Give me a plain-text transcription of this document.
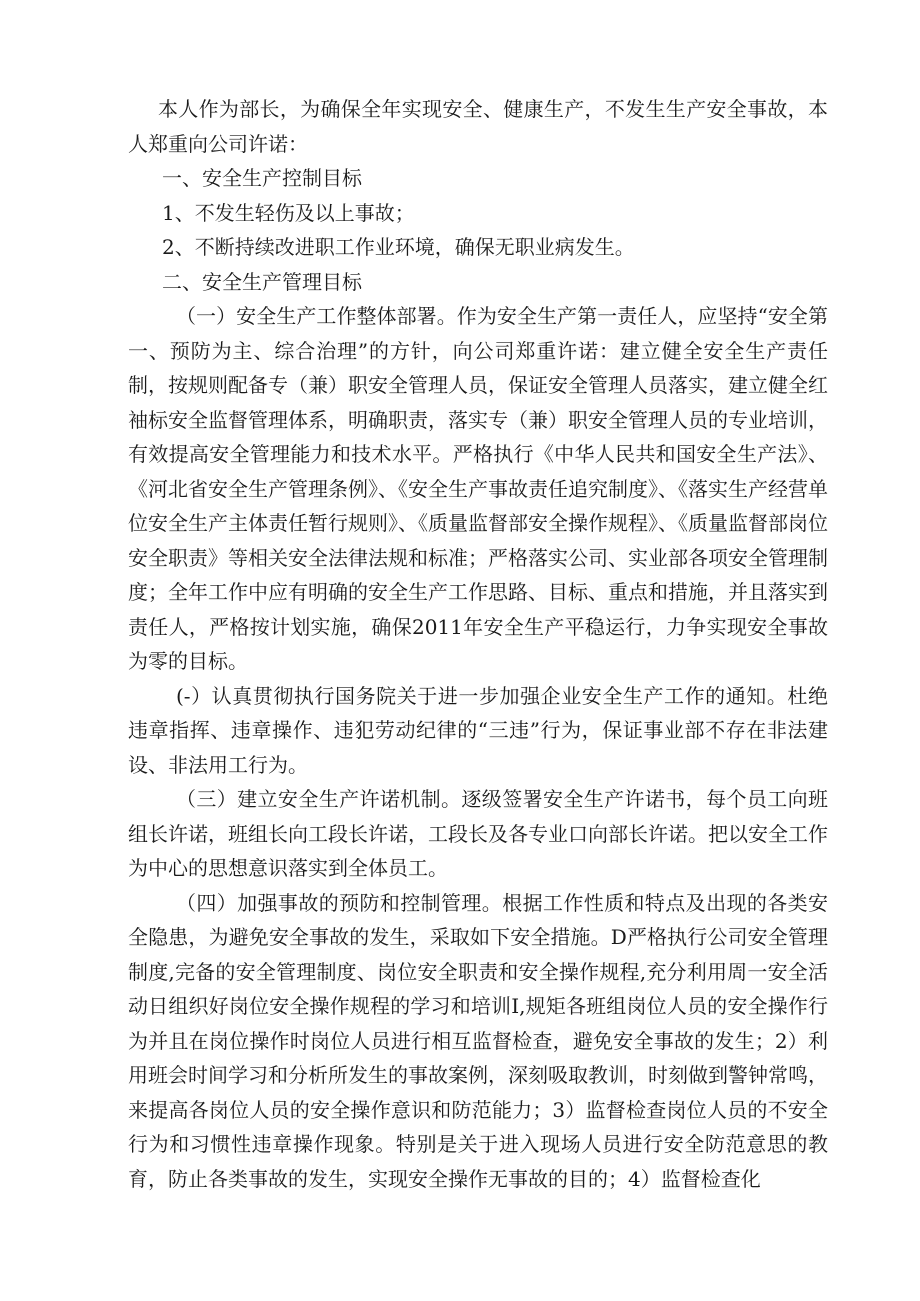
本人作为部长，为确保全年实现安全、健康生产，不发生生产安全事故，本人郑重向公司许诺：

一、安全生产控制目标

1、不发生轻伤及以上事故；

2、不断持续改进职工作业环境，确保无职业病发生。

二、安全生产管理目标

（一）安全生产工作整体部署。作为安全生产第一责任人，应坚持“安全第一、预防为主、综合治理”的方针，向公司郑重许诺：建立健全安全生产责任制，按规则配备专（兼）职安全管理人员，保证安全管理人员落实，建立健全红袖标安全监督管理体系，明确职责，落实专（兼）职安全管理人员的专业培训，有效提高安全管理能力和技术水平。严格执行《中华人民共和国安全生产法》、《河北省安全生产管理条例》、《安全生产事故责任追究制度》、《落实生产经营单位安全生产主体责任暂行规则》、《质量监督部安全操作规程》、《质量监督部岗位安全职责》等相关安全法律法规和标准；严格落实公司、实业部各项安全管理制度；全年工作中应有明确的安全生产工作思路、目标、重点和措施，并且落实到责任人，严格按计划实施，确保2011年安全生产平稳运行，力争实现安全事故为零的目标。

(-）认真贯彻执行国务院关于进一步加强企业安全生产工作的通知。杜绝违章指挥、违章操作、违犯劳动纪律的“三违”行为，保证事业部不存在非法建设、非法用工行为。

（三）建立安全生产许诺机制。逐级签署安全生产许诺书，每个员工向班组长许诺，班组长向工段长许诺，工段长及各专业口向部长许诺。把以安全工作为中心的思想意识落实到全体员工。

（四）加强事故的预防和控制管理。根据工作性质和特点及出现的各类安全隐患，为避免安全事故的发生，采取如下安全措施。D严格执行公司安全管理制度,完备的安全管理制度、岗位安全职责和安全操作规程,充分利用周一安全活动日组织好岗位安全操作规程的学习和培训I,规矩各班组岗位人员的安全操作行为并且在岗位操作时岗位人员进行相互监督检查，避免安全事故的发生；2）利用班会时间学习和分析所发生的事故案例，深刻吸取教训，时刻做到警钟常鸣，来提高各岗位人员的安全操作意识和防范能力；3）监督检查岗位人员的不安全行为和习惯性违章操作现象。特别是关于进入现场人员进行安全防范意思的教育，防止各类事故的发生，实现安全操作无事故的目的；4）监督检查化
